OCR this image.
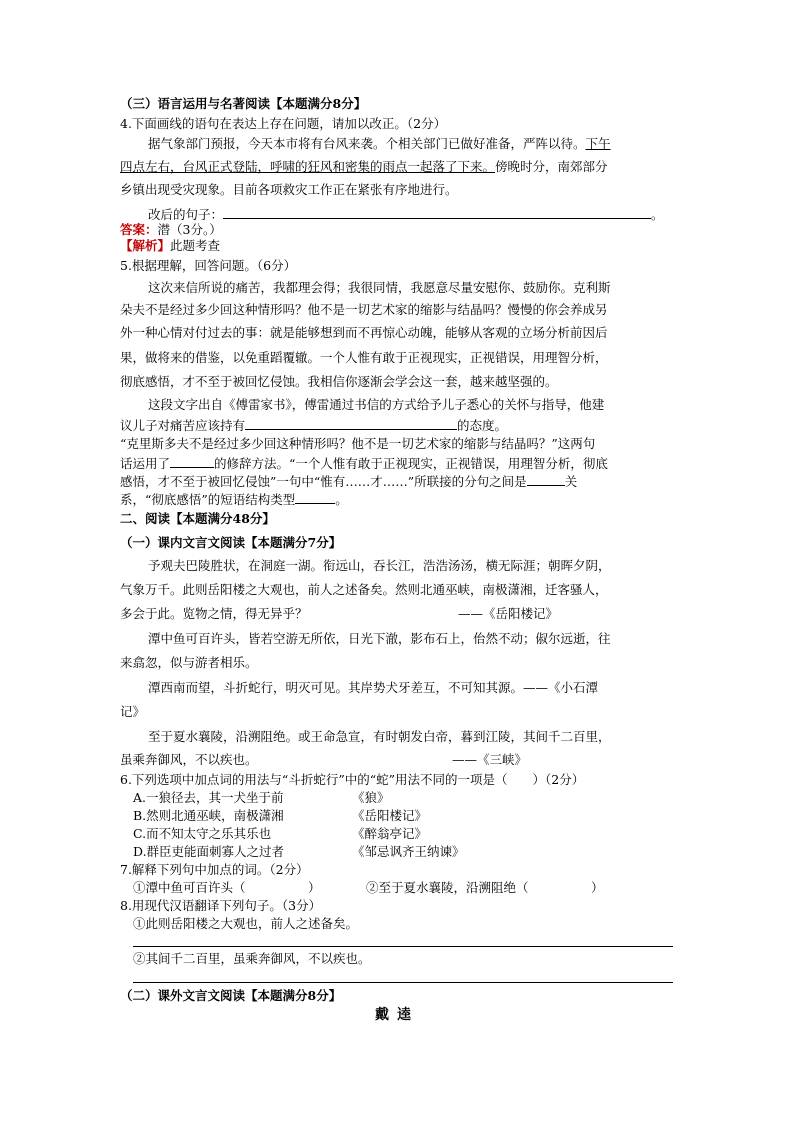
（三）语言运用与名著阅读【本题满分8分】
4.下面画线的语句在表达上存在问题，请加以改正。（2分）
据气象部门预报，今天本市将有台风来袭。个相关部门已做好准备，严阵以待。下午
四点左右，台风正式登陆，呼啸的狂风和密集的雨点一起落了下来。傍晚时分，南郊部分
乡镇出现受灾现象。目前各项救灾工作正在紧张有序地进行。
改后的句子：	。
答案：潜（3分。）
【解析】此题考查
5.根据理解，回答问题。（6分）
这次来信所说的痛苦，我都理会得；我很同情，我愿意尽量安慰你、鼓励你。克利斯
朵夫不是经过多少回这种情形吗？他不是一切艺术家的缩影与结晶吗？慢慢的你会养成另
外一种心情对付过去的事：就是能够想到而不再惊心动魄，能够从客观的立场分析前因后
果，做将来的借鉴，以免重蹈覆辙。一个人惟有敢于正视现实，正视错误，用理智分析，
彻底感悟，才不至于被回忆侵蚀。我相信你逐渐会学会这一套，越来越坚强的。
这段文字出自《傅雷家书》，傅雷通过书信的方式给予儿子悉心的关怀与指导，他建
议儿子对痛苦应该持有	的态度。
“克里斯多夫不是经过多少回这种情形吗？他不是一切艺术家的缩影与结晶吗？”这两句
话运用了	的修辞方法。“一个人惟有敢于正视现实，正视错误，用理智分析，彻底
感悟，才不至于被回忆侵蚀”一句中“惟有……才……”所联接的分句之间是	关
系，“彻底感悟”的短语结构类型	。
二、阅读【本题满分48分】
（一）课内文言文阅读【本题满分7分】
予观夫巴陵胜状，在洞庭一湖。衔远山，吞长江，浩浩汤汤，横无际涯；朝晖夕阴，
气象万千。此则岳阳楼之大观也，前人之述备矣。然则北通巫峡，南极潇湘，迁客骚人，
多会于此。览物之情，得无异乎？	——《岳阳楼记》
潭中鱼可百许头，皆若空游无所依，日光下澈，影布石上，佁然不动；俶尔远逝，往
来翕忽，似与游者相乐。
潭西南而望，斗折蛇行，明灭可见。其岸势犬牙差互，不可知其源。——《小石潭
记》
至于夏水襄陵，沿溯阻绝。或王命急宣，有时朝发白帝，暮到江陵，其间千二百里，
虽乘奔御风，不以疾也。	——《三峡》
6.下列选项中加点词的用法与“斗折蛇行”中的“蛇”用法不同的一项是（　　）（2分）
A.一狼径去，其一犬坐于前	《狼》
B.然则北通巫峡，南极潇湘	《岳阳楼记》
C.而不知太守之乐其乐也	《醉翁亭记》
D.群臣吏能面刺寡人之过者	《邹忌讽齐王纳谏》
7.解释下列句中加点的词。（2分）
①潭中鱼可百许头（　　　　　）	②至于夏水襄陵，沿溯阻绝（　　　　　）
8.用现代汉语翻译下列句子。（3分）
①此则岳阳楼之大观也，前人之述备矣。
②其间千二百里，虽乘奔御风，不以疾也。
（二）课外文言文阅读【本题满分8分】
戴逵
